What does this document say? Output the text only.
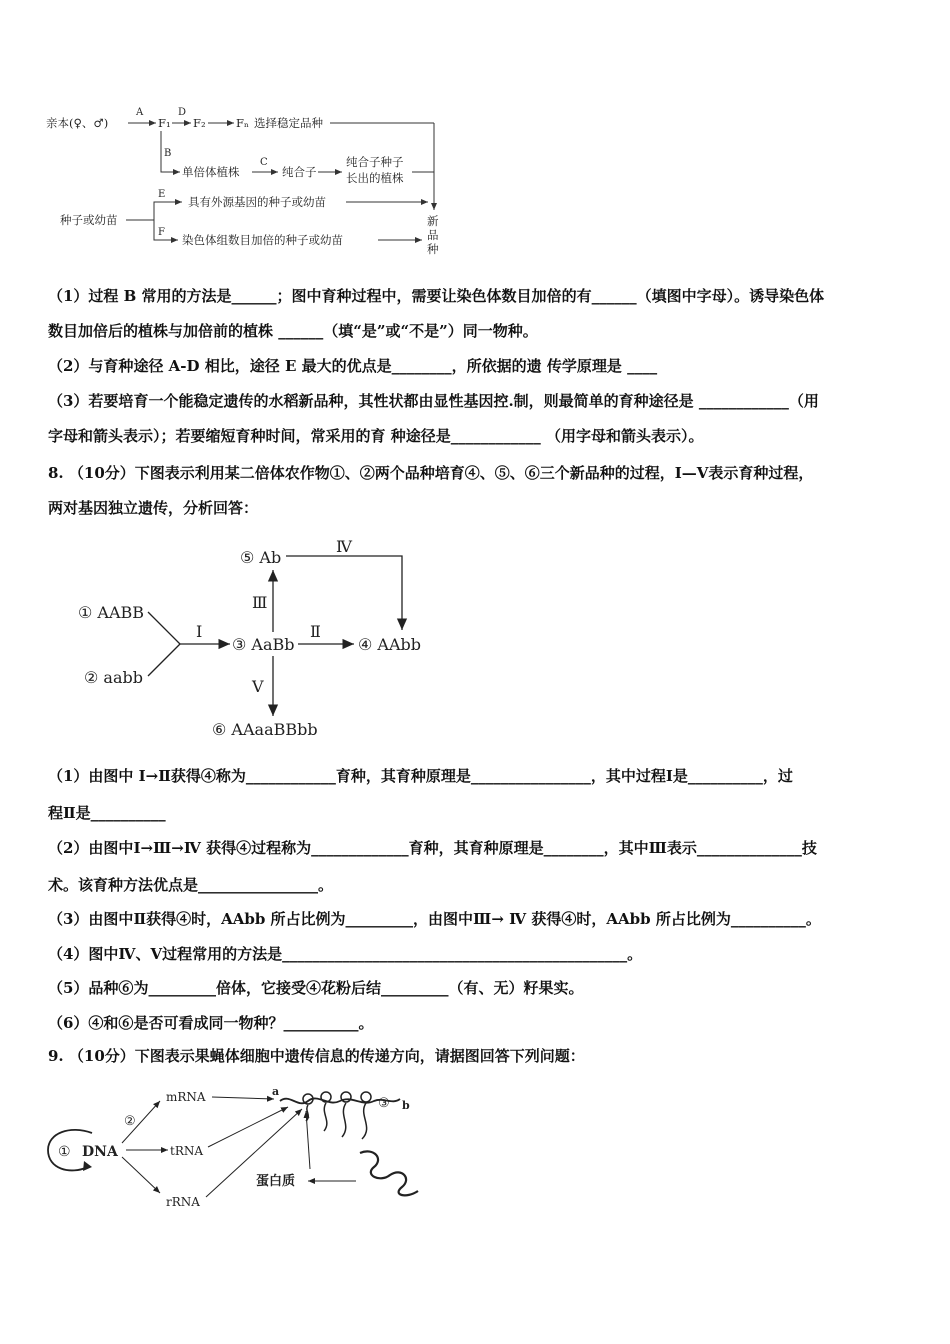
亲本(♀、♂)
A
F₁
D
F₂	Fₙ 选择稳定品种
B
单倍体植株
C
纯合子
纯合子种子
长出的植株
种子或幼苗
E
F
具有外源基因的种子或幼苗
染色体组数目加倍的种子或幼苗
新
品
种
（1）过程 B 常用的方法是______；图中育种过程中，需要让染色体数目加倍的有______（填图中字母）。诱导染色体
数目加倍后的植株与加倍前的植株 ______（填“是”或“不是”）同一物种。
（2）与育种途径 A-D 相比，途径 E 最大的优点是________，所依据的遗 传学原理是 ____
（3）若要培育一个能稳定遗传的水稻新品种，其性状都由显性基因控.制，则最简单的育种途径是 ____________（用
字母和箭头表示）；若要缩短育种时间，常采用的育 种途径是____________ （用字母和箭头表示）。
8. （10分）下图表示利用某二倍体农作物①、②两个品种培育④、⑤、⑥三个新品种的过程，Ⅰ—Ⅴ表示育种过程，
两对基因独立遗传，分析回答：
① AABB
② aabb
Ⅰ
③ AaBb
Ⅱ
④ AAbb
Ⅲ
⑤ Ab
Ⅳ
Ⅴ
⑥ AAaaBBbb
（1）由图中 Ⅰ→Ⅱ获得④称为____________育种，其育种原理是________________，其中过程Ⅰ是__________，过
程Ⅱ是__________
（2）由图中Ⅰ→Ⅲ→Ⅳ 获得④过程称为_____________育种，其育种原理是________，其中Ⅲ表示______________技
术。该育种方法优点是________________。
（3）由图中Ⅱ获得④时，AAbb 所占比例为_________，由图中Ⅲ→ Ⅳ 获得④时，AAbb 所占比例为__________。
（4）图中Ⅳ、Ⅴ过程常用的方法是______________________________________________。
（5）品种⑥为_________倍体，它接受④花粉后结_________（有、无）籽果实。
（6）④和⑥是否可看成同一物种？__________。
9. （10分）下图表示果蝇体细胞中遗传信息的传递方向，请据图回答下列问题：
① DNA
②
mRNA
tRNA
rRNA
a
③ b
蛋白质
